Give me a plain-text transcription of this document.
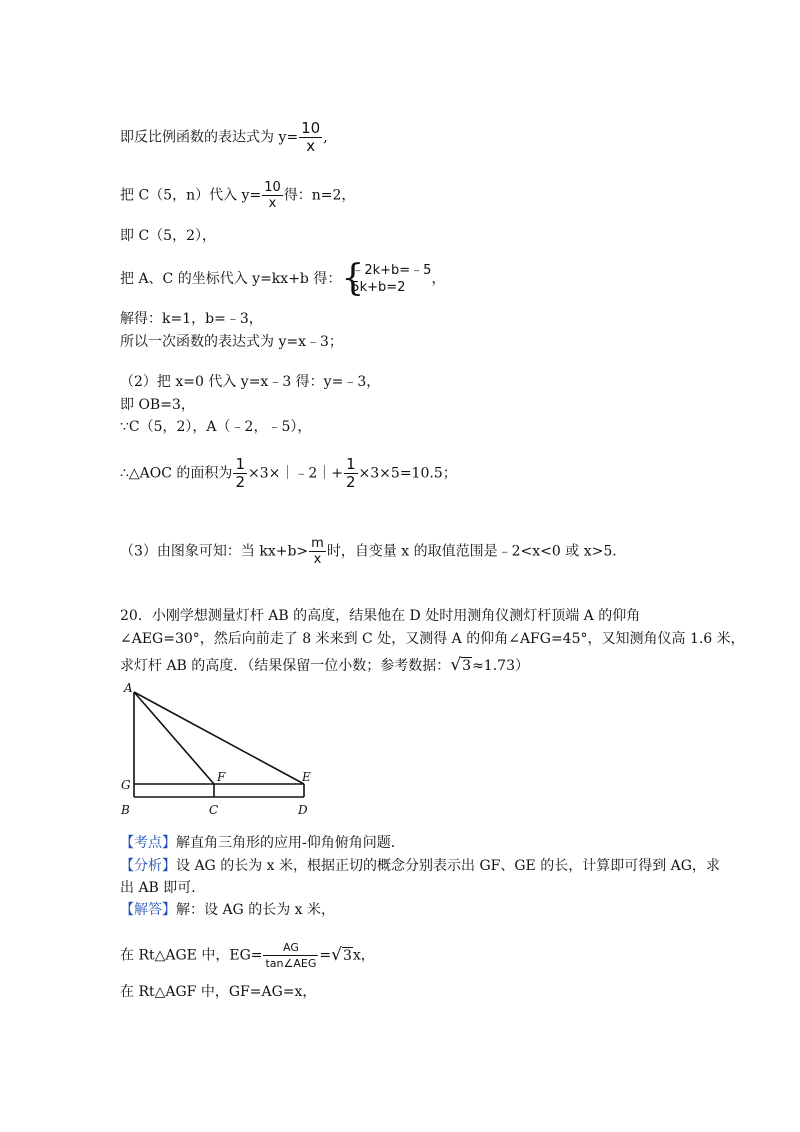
即反比例函数的表达式为 $y= \frac{10}{x}$ ,
把 C（5，n）代入 $y= \frac{10}{x}$ 得：n=2，
即 C（5，2），
把 A、C 的坐标代入 y=kx+b 得： {
﹣2k+b=﹣5
5k+b=2
，
解得：k=1，b=﹣3，
所以一次函数的表达式为 y=x﹣3；
（2）把 x=0 代入 y=x﹣3 得：y=﹣3，
即 OB=3，
∵C（5，2），A（﹣2，﹣5），
∴△AOC 的面积为 $\frac{1}{2}$ ×3×｜﹣2｜+ $\frac{1}{2} \times 3\times 5=10.5$；
（3）由图象可知：当 $kx+b> \frac{m}{x}$ 时，自变量 x 的取值范围是﹣2<x<0 或 x>5.
20．小刚学想测量灯杆 AB 的高度，结果他在 D 处时用测角仪测灯杆顶端 A 的仰角
∠AEG=30°，然后向前走了 8 米来到 C 处，又测得 A 的仰角∠AFG=45°，又知测角仪高 1.6 米，
求灯杆 AB 的高度．（结果保留一位小数；参考数据：√3≈1.73）
A
G
B
F
C
E
D
【考点】解直角三角形的应用-仰角俯角问题．
【分析】设 AG 的长为 x 米，根据正切的概念分别表示出 GF、GE 的长，计算即可得到 AG，求
出 AB 即可．
【解答】解：设 AG 的长为 x 米，
在 Rt△AGE 中，$EG= \frac{AG}{\text{tan∠AEG}} =√3x$，
在 Rt△AGF 中，GF=AG=x，
